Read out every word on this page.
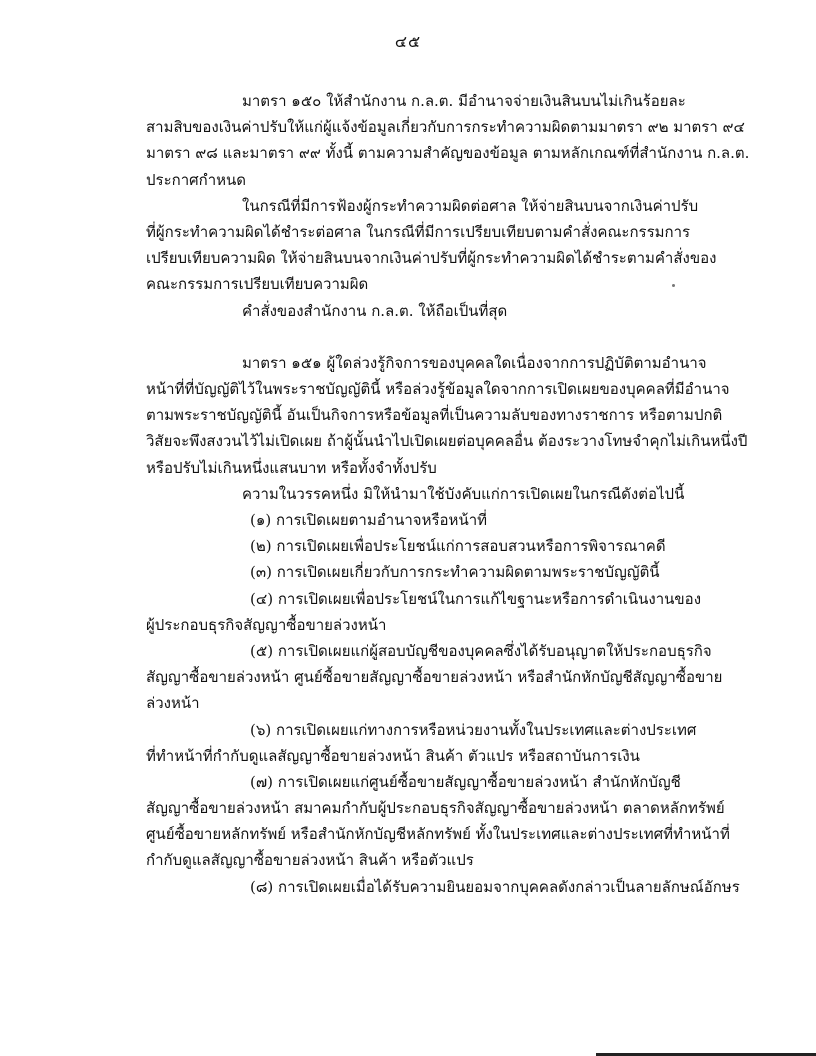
๔๕
มาตรา ๑๕๐ ให้สำนักงาน ก.ล.ต. มีอำนาจจ่ายเงินสินบนไม่เกินร้อยละ
สามสิบของเงินค่าปรับให้แก่ผู้แจ้งข้อมูลเกี่ยวกับการกระทำความผิดตามมาตรา ๙๒ มาตรา ๙๔
มาตรา ๙๘ และมาตรา ๙๙ ทั้งนี้ ตามความสำคัญของข้อมูล ตามหลักเกณฑ์ที่สำนักงาน ก.ล.ต.
ประกาศกำหนด
ในกรณีที่มีการฟ้องผู้กระทำความผิดต่อศาล ให้จ่ายสินบนจากเงินค่าปรับ
ที่ผู้กระทำความผิดได้ชำระต่อศาล ในกรณีที่มีการเปรียบเทียบตามคำสั่งคณะกรรมการ
เปรียบเทียบความผิด ให้จ่ายสินบนจากเงินค่าปรับที่ผู้กระทำความผิดได้ชำระตามคำสั่งของ
คณะกรรมการเปรียบเทียบความผิด
คำสั่งของสำนักงาน ก.ล.ต. ให้ถือเป็นที่สุด
มาตรา ๑๕๑ ผู้ใดล่วงรู้กิจการของบุคคลใดเนื่องจากการปฏิบัติตามอำนาจ
หน้าที่ที่บัญญัติไว้ในพระราชบัญญัตินี้ หรือล่วงรู้ข้อมูลใดจากการเปิดเผยของบุคคลที่มีอำนาจ
ตามพระราชบัญญัตินี้ อันเป็นกิจการหรือข้อมูลที่เป็นความลับของทางราชการ หรือตามปกติ
วิสัยจะพึงสงวนไว้ไม่เปิดเผย ถ้าผู้นั้นนำไปเปิดเผยต่อบุคคลอื่น ต้องระวางโทษจำคุกไม่เกินหนึ่งปี
หรือปรับไม่เกินหนึ่งแสนบาท หรือทั้งจำทั้งปรับ
ความในวรรคหนึ่ง มิให้นำมาใช้บังคับแก่การเปิดเผยในกรณีดังต่อไปนี้
(๑) การเปิดเผยตามอำนาจหรือหน้าที่
(๒) การเปิดเผยเพื่อประโยชน์แก่การสอบสวนหรือการพิจารณาคดี
(๓) การเปิดเผยเกี่ยวกับการกระทำความผิดตามพระราชบัญญัตินี้
(๔) การเปิดเผยเพื่อประโยชน์ในการแก้ไขฐานะหรือการดำเนินงานของ
ผู้ประกอบธุรกิจสัญญาซื้อขายล่วงหน้า
(๕) การเปิดเผยแก่ผู้สอบบัญชีของบุคคลซึ่งได้รับอนุญาตให้ประกอบธุรกิจ
สัญญาซื้อขายล่วงหน้า ศูนย์ซื้อขายสัญญาซื้อขายล่วงหน้า หรือสำนักหักบัญชีสัญญาซื้อขาย
ล่วงหน้า
(๖) การเปิดเผยแก่ทางการหรือหน่วยงานทั้งในประเทศและต่างประเทศ
ที่ทำหน้าที่กำกับดูแลสัญญาซื้อขายล่วงหน้า สินค้า ตัวแปร หรือสถาบันการเงิน
(๗) การเปิดเผยแก่ศูนย์ซื้อขายสัญญาซื้อขายล่วงหน้า สำนักหักบัญชี
สัญญาซื้อขายล่วงหน้า สมาคมกำกับผู้ประกอบธุรกิจสัญญาซื้อขายล่วงหน้า ตลาดหลักทรัพย์
ศูนย์ซื้อขายหลักทรัพย์ หรือสำนักหักบัญชีหลักทรัพย์ ทั้งในประเทศและต่างประเทศที่ทำหน้าที่
กำกับดูแลสัญญาซื้อขายล่วงหน้า สินค้า หรือตัวแปร
(๘) การเปิดเผยเมื่อได้รับความยินยอมจากบุคคลดังกล่าวเป็นลายลักษณ์อักษร
